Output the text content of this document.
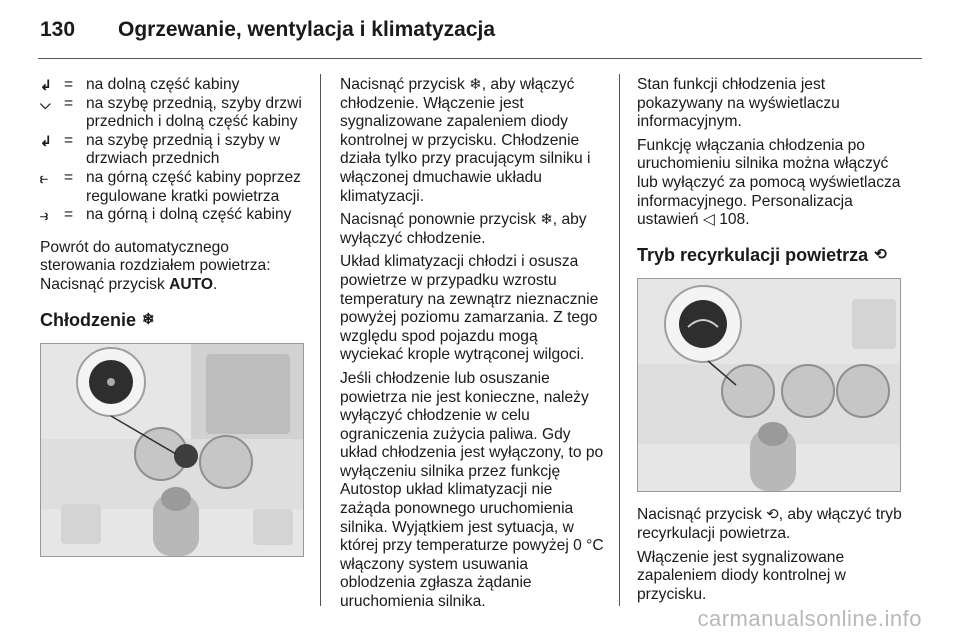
130	Ogrzewanie, wentylacja i klimatyzacja
↲ = na dolną część kabiny
⌵ = na szybę przednią, szyby drzwi przednich i dolną część kabiny
↲ = na szybę przednią i szyby w drzwiach przednich
⥼	= na górną część kabiny poprzez regulowane kratki powietrza
⥽	= na górną i dolną część kabiny

Powrót do automatycznego sterowania rozdziałem powietrza: Nacisnąć przycisk AUTO.

Chłodzenie ❄

Nacisnąć przycisk ❄, aby włączyć chłodzenie. Włączenie jest sygnalizowane zapaleniem diody kontrolnej w przycisku. Chłodzenie działa tylko przy pracującym silniku i włączonej dmuchawie układu klimatyzacji.

Nacisnąć ponownie przycisk ❄, aby wyłączyć chłodzenie.

Układ klimatyzacji chłodzi i osusza powietrze w przypadku wzrostu temperatury na zewnątrz nieznacznie powyżej poziomu zamarzania. Z tego względu spod pojazdu mogą wyciekać krople wytrąconej wilgoci.

Jeśli chłodzenie lub osuszanie powietrza nie jest konieczne, należy wyłączyć chłodzenie w celu ograniczenia zużycia paliwa. Gdy układ chłodzenia jest wyłączony, to po wyłączeniu silnika przez funkcję Autostop układ klimatyzacji nie zażąda ponownego uruchomienia silnika. Wyjątkiem jest sytuacja, w której przy temperaturze powyżej 0 °C włączony system usuwania oblodzenia zgłasza żądanie uruchomienia silnika.

Stan funkcji chłodzenia jest pokazywany na wyświetlaczu informacyjnym.

Funkcję włączania chłodzenia po uruchomieniu silnika można włączyć lub wyłączyć za pomocą wyświetlacza informacyjnego. Personalizacja ustawień ◁ 108.

Tryb recyrkulacji powietrza ⟲

Nacisnąć przycisk ⟲, aby włączyć tryb recyrkulacji powietrza.

Włączenie jest sygnalizowane zapaleniem diody kontrolnej w przycisku.

carmanualsonline.info
